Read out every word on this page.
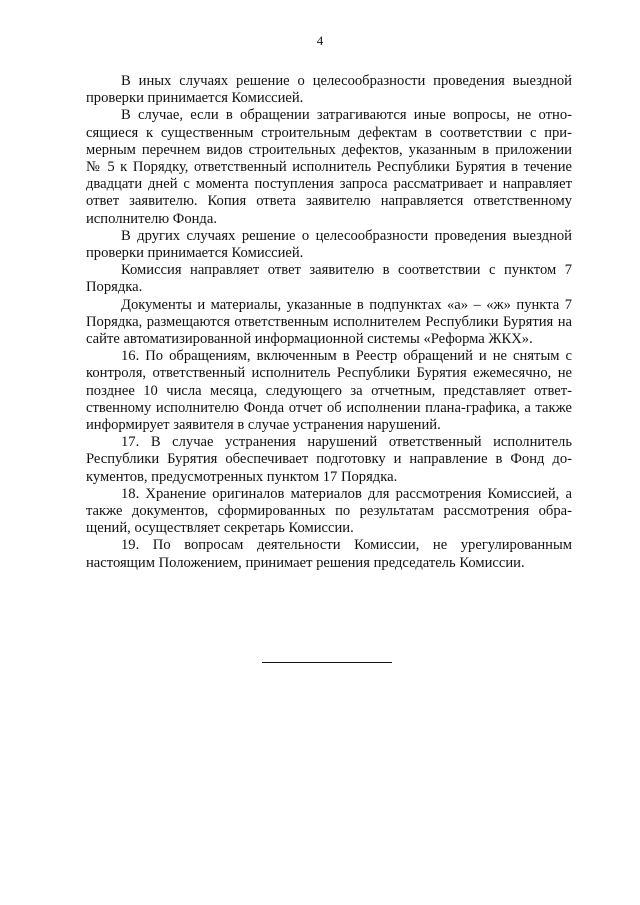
4

В иных случаях решение о целесообразности проведения выездной проверки принимается Комиссией.

В случае, если в обращении затрагиваются иные вопросы, не относящиеся к существенным строительным дефектам в соответствии с примерным перечнем видов строительных дефектов, указанным в приложении № 5 к Порядку, ответственный исполнитель Республики Бурятия в течение двадцати дней с момента поступления запроса рассматривает и направляет ответ заявителю. Копия ответа заявителю направляется ответственному исполнителю Фонда.

В других случаях решение о целесообразности проведения выездной проверки принимается Комиссией.

Комиссия направляет ответ заявителю в соответствии с пунктом 7 Порядка.

Документы и материалы, указанные в подпунктах «а» – «ж» пункта 7 Порядка, размещаются ответственным исполнителем Республики Бурятия на сайте автоматизированной информационной системы «Реформа ЖКХ».

16. По обращениям, включенным в Реестр обращений и не снятым с контроля, ответственный исполнитель Республики Бурятия ежемесячно, не позднее 10 числа месяца, следующего за отчетным, представляет ответственному исполнителю Фонда отчет об исполнении плана-графика, а также информирует заявителя в случае устранения нарушений.

17. В случае устранения нарушений ответственный исполнитель Республики Бурятия обеспечивает подготовку и направление в Фонд документов, предусмотренных пунктом 17 Порядка.

18. Хранение оригиналов материалов для рассмотрения Комиссией, а также документов, сформированных по результатам рассмотрения обращений, осуществляет секретарь Комиссии.

19. По вопросам деятельности Комиссии, не урегулированным настоящим Положением, принимает решения председатель Комиссии.
